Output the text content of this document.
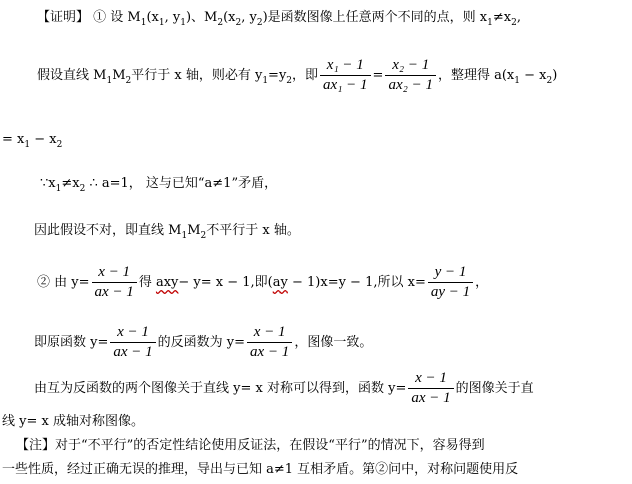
【证明】 ① 设 $M_1(x_1$, $y_1$)、$M_2(x_2$, $y_2$)是函数图像上任意两个不同的点，则 $x_1\ne x_2$,
假设直线 $M_1M_2$平行于 x 轴，则必有 $y_1=y_2$，即 $\frac{\text{x₁ − 1}}{\text{ax₁ − 1}} = \frac{\text{x₂ − 1}}{\text{ax₂ − 1}}$ ，整理得 $a(x_1 - x_2)$
= $x_1 - x_2$
$\because x_1\ne x_2$ ∴ a=1， 这与已知“a≠1”矛盾，
因此假设不对，即直线 $M_1M_2$不平行于 x 轴。
② 由 $y= \frac{x - 1}{ax - 1}$ 得 axy− y= x − 1,即(ay − 1)x=y − 1,所以 $x= \frac{y - 1}{ay - 1}$ ，
即原函数 $y= \frac{x - 1}{ax - 1}$ 的反函数为 $y= \frac{x - 1}{ax - 1}$ ，图像一致。
由互为反函数的两个图像关于直线 y= x 对称可以得到，函数 $y= \frac{x - 1}{ax - 1}$ 的图像关于直
线 y= x 成轴对称图像。
【注】对于“不平行”的否定性结论使用反证法，在假设“平行”的情况下，容易得到
一些性质，经过正确无误的推理，导出与已知 a≠1 互相矛盾。第②问中，对称问题使用反
